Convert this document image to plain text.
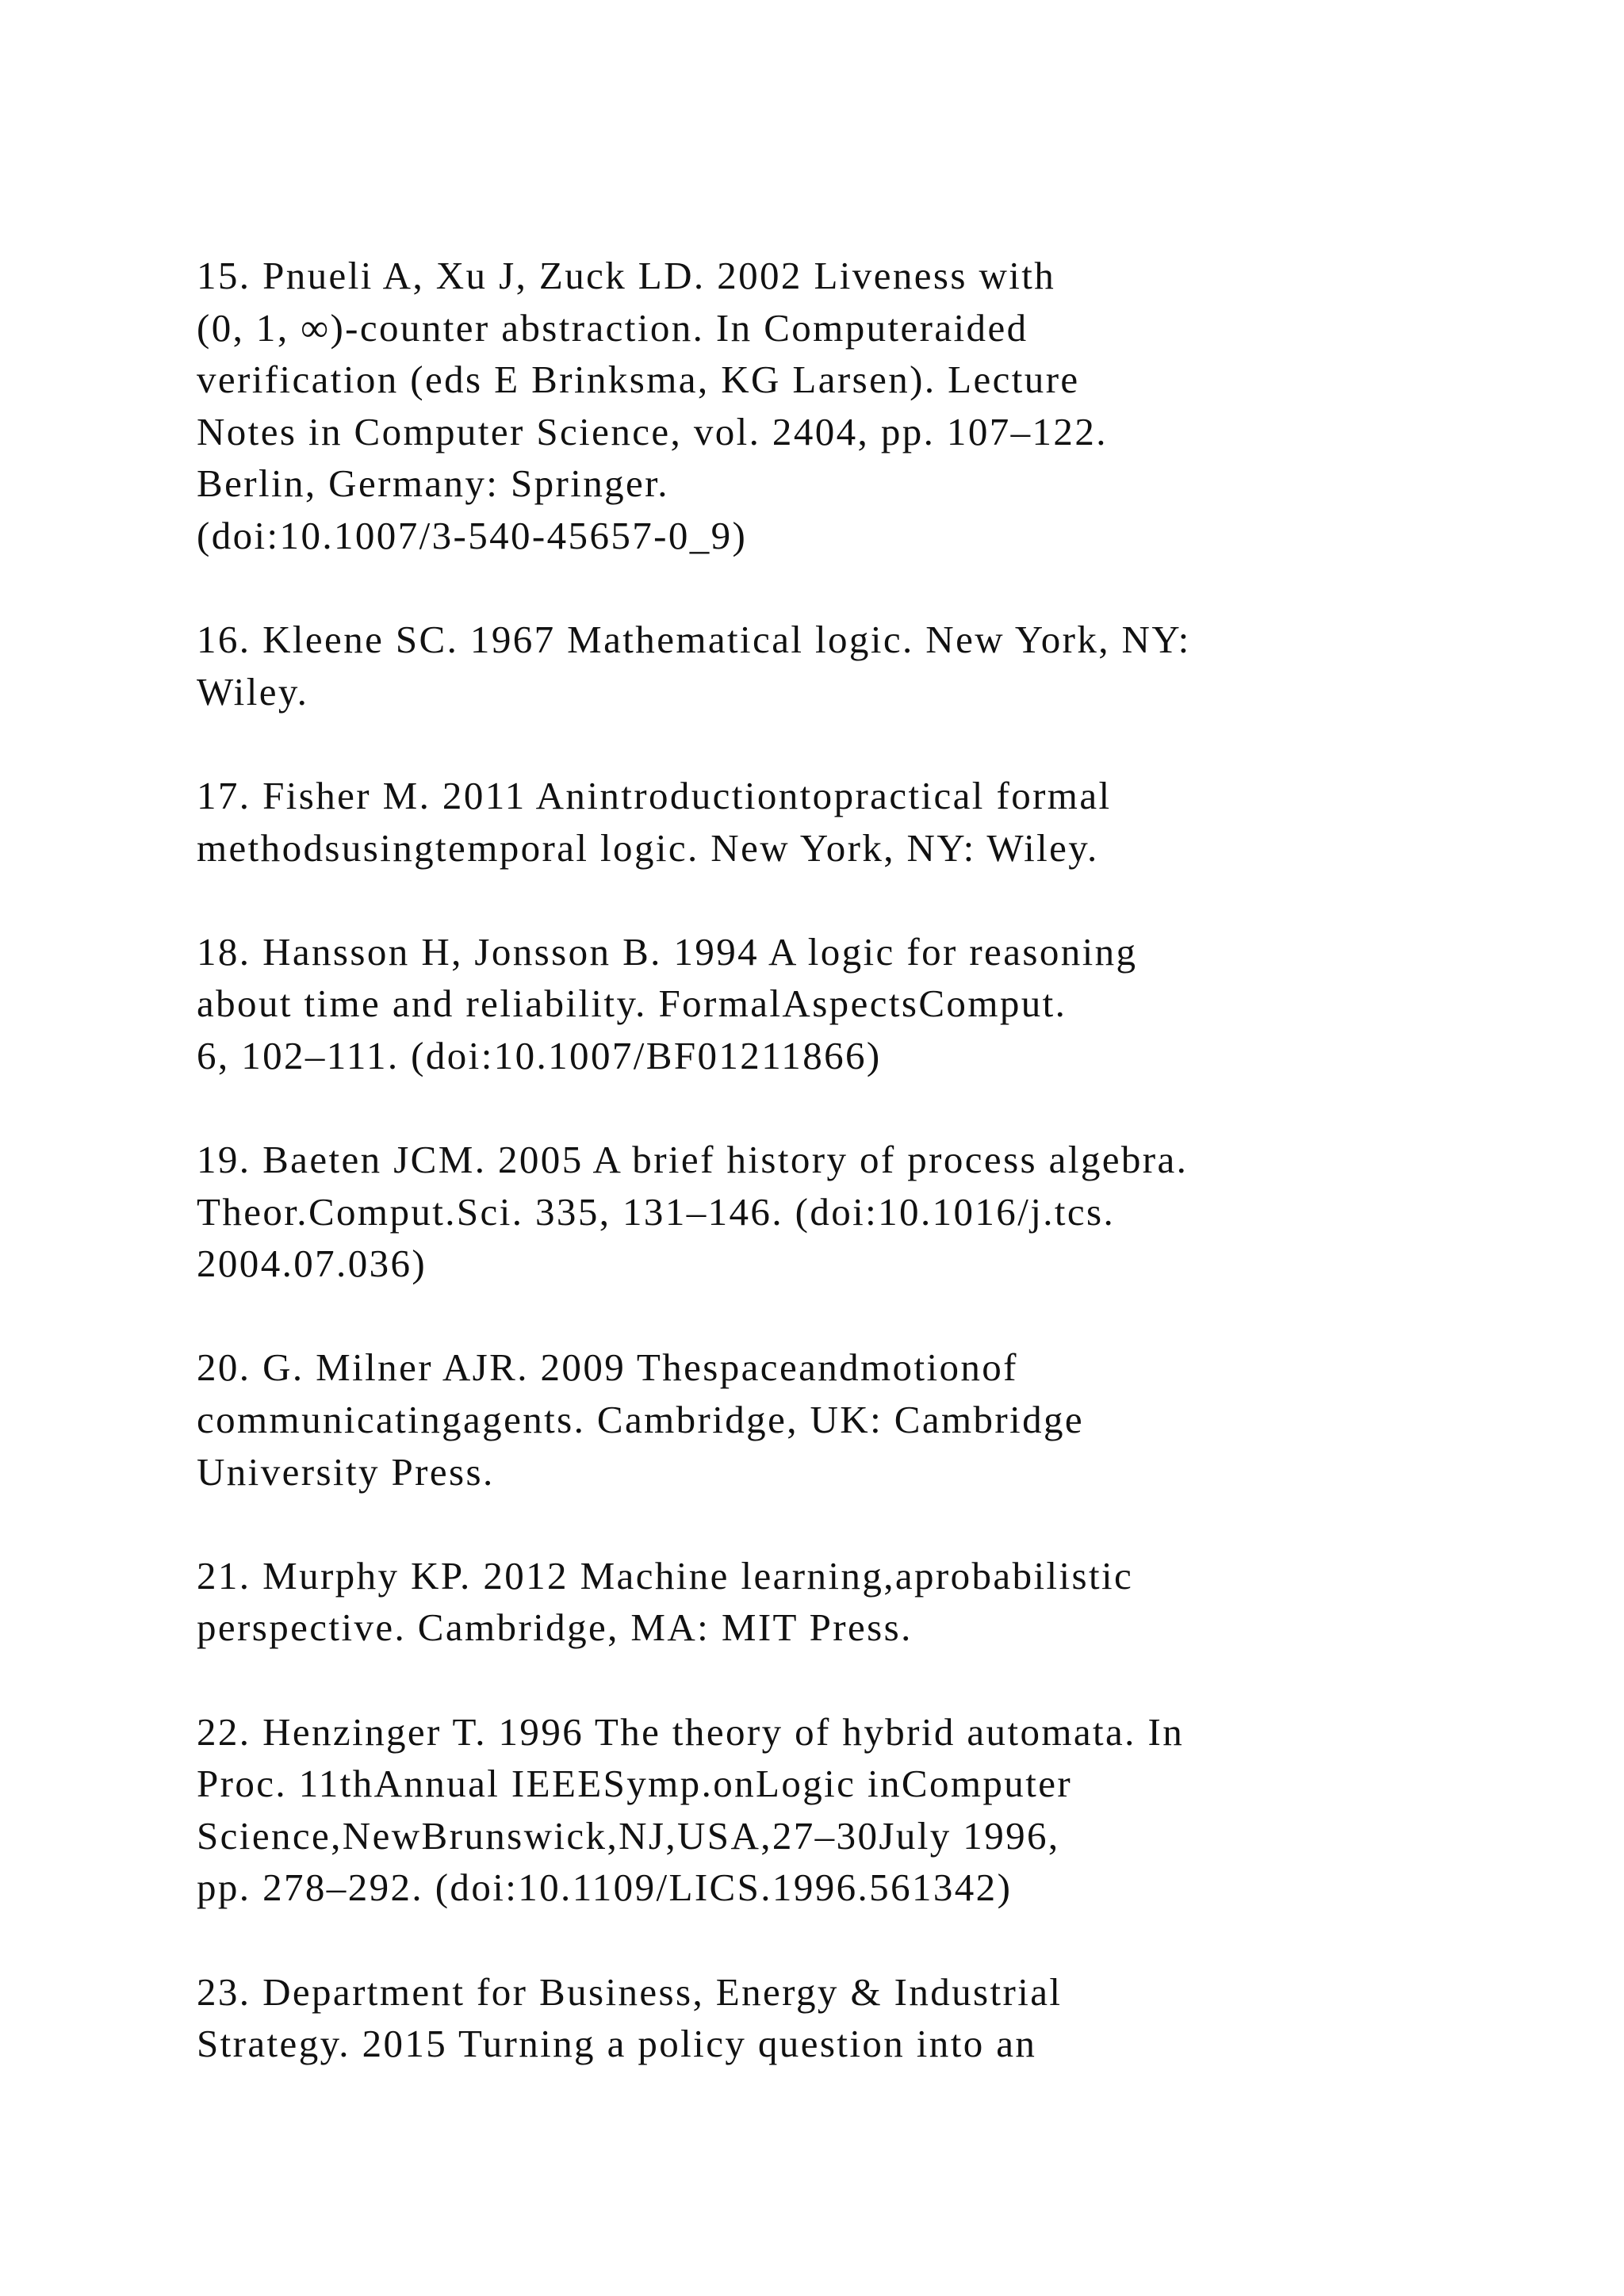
15. Pnueli A, Xu J, Zuck LD. 2002 Liveness with
(0, 1, ∞)-counter abstraction. In Computeraided
verification (eds E Brinksma, KG Larsen). Lecture
Notes in Computer Science, vol. 2404, pp. 107–122.
Berlin, Germany: Springer.
(doi:10.1007/3-540-45657-0_9)
16. Kleene SC. 1967 Mathematical logic. New York, NY:
Wiley.
17. Fisher M. 2011 Anintroductiontopractical formal
methodsusingtemporal logic. New York, NY: Wiley.
18. Hansson H, Jonsson B. 1994 A logic for reasoning
about time and reliability. FormalAspectsComput.
6, 102–111. (doi:10.1007/BF01211866)
19. Baeten JCM. 2005 A brief history of process algebra.
Theor.Comput.Sci. 335, 131–146. (doi:10.1016/j.tcs.
2004.07.036)
20. G. Milner AJR. 2009 Thespaceandmotionof
communicatingagents. Cambridge, UK: Cambridge
University Press.
21. Murphy KP. 2012 Machine learning,aprobabilistic
perspective. Cambridge, MA: MIT Press.
22. Henzinger T. 1996 The theory of hybrid automata. In
Proc. 11thAnnual IEEESymp.onLogic inComputer
Science,NewBrunswick,NJ,USA,27–30July 1996,
pp. 278–292. (doi:10.1109/LICS.1996.561342)
23. Department for Business, Energy & Industrial
Strategy. 2015 Turning a policy question into an
